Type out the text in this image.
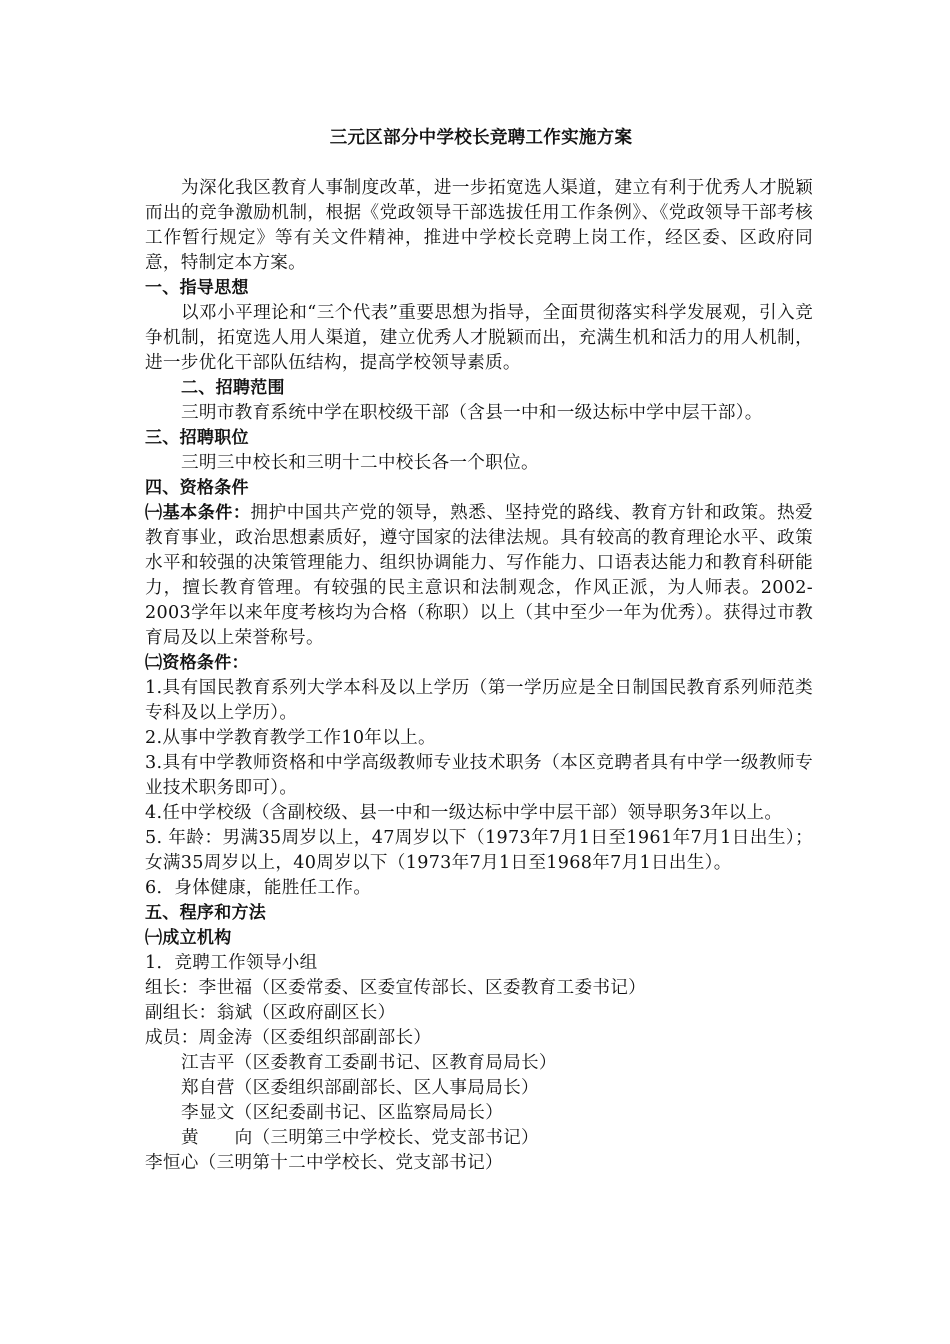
三元区部分中学校长竞聘工作实施方案

为深化我区教育人事制度改革，进一步拓宽选人渠道，建立有利于优秀人才脱颖而出的竞争激励机制，根据《党政领导干部选拔任用工作条例》、《党政领导干部考核工作暂行规定》等有关文件精神，推进中学校长竞聘上岗工作，经区委、区政府同意，特制定本方案。

一、指导思想

以邓小平理论和“三个代表”重要思想为指导，全面贯彻落实科学发展观，引入竞争机制，拓宽选人用人渠道，建立优秀人才脱颖而出，充满生机和活力的用人机制，进一步优化干部队伍结构，提高学校领导素质。

二、招聘范围

三明市教育系统中学在职校级干部（含县一中和一级达标中学中层干部）。

三、招聘职位

三明三中校长和三明十二中校长各一个职位。

四、资格条件

㈠基本条件：拥护中国共产党的领导，熟悉、坚持党的路线、教育方针和政策。热爱教育事业，政治思想素质好，遵守国家的法律法规。具有较高的教育理论水平、政策水平和较强的决策管理能力、组织协调能力、写作能力、口语表达能力和教育科研能力，擅长教育管理。有较强的民主意识和法制观念，作风正派，为人师表。2002-2003学年以来年度考核均为合格（称职）以上（其中至少一年为优秀）。获得过市教育局及以上荣誉称号。

㈡资格条件：

1.具有国民教育系列大学本科及以上学历（第一学历应是全日制国民教育系列师范类专科及以上学历）。

2.从事中学教育教学工作10年以上。

3.具有中学教师资格和中学高级教师专业技术职务（本区竞聘者具有中学一级教师专业技术职务即可）。

4.任中学校级（含副校级、县一中和一级达标中学中层干部）领导职务3年以上。

5. 年龄：男满35周岁以上，47周岁以下（1973年7月1日至1961年7月1日出生）；女满35周岁以上，40周岁以下（1973年7月1日至1968年7月1日出生）。

6．身体健康，能胜任工作。

五、程序和方法

㈠成立机构

1．竞聘工作领导小组

组长：李世福（区委常委、区委宣传部长、区委教育工委书记）

副组长：翁斌（区政府副区长）

成员：周金涛（区委组织部副部长）

江吉平（区委教育工委副书记、区教育局局长）

郑自营（区委组织部副部长、区人事局局长）

李显文（区纪委副书记、区监察局局长）

黄　　向（三明第三中学校长、党支部书记）

李恒心（三明第十二中学校长、党支部书记）
